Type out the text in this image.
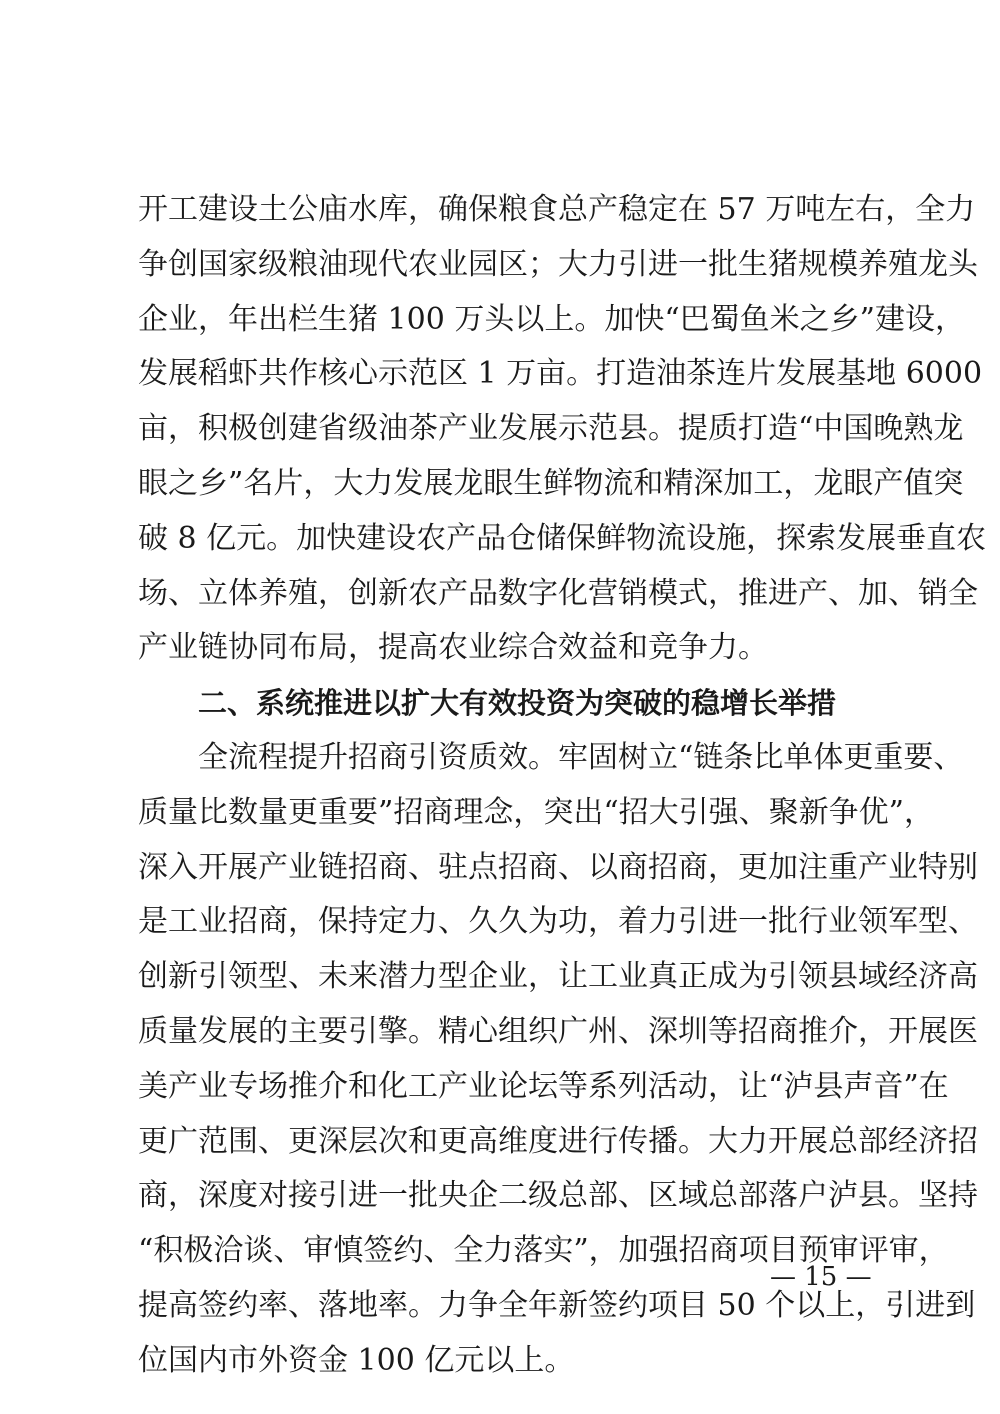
开工建设土公庙水库，确保粮食总产稳定在 57 万吨左右，全力
争创国家级粮油现代农业园区；大力引进一批生猪规模养殖龙头
企业，年出栏生猪 100 万头以上。加快“巴蜀鱼米之乡”建设，
发展稻虾共作核心示范区 1 万亩。打造油茶连片发展基地 6000
亩，积极创建省级油茶产业发展示范县。提质打造“中国晚熟龙
眼之乡”名片，大力发展龙眼生鲜物流和精深加工，龙眼产值突
破 8 亿元。加快建设农产品仓储保鲜物流设施，探索发展垂直农
场、立体养殖，创新农产品数字化营销模式，推进产、加、销全
产业链协同布局，提高农业综合效益和竞争力。
二、系统推进以扩大有效投资为突破的稳增长举措
全流程提升招商引资质效。牢固树立“链条比单体更重要、
质量比数量更重要”招商理念，突出“招大引强、聚新争优”，
深入开展产业链招商、驻点招商、以商招商，更加注重产业特别
是工业招商，保持定力、久久为功，着力引进一批行业领军型、
创新引领型、未来潜力型企业，让工业真正成为引领县域经济高
质量发展的主要引擎。精心组织广州、深圳等招商推介，开展医
美产业专场推介和化工产业论坛等系列活动，让“泸县声音”在
更广范围、更深层次和更高维度进行传播。大力开展总部经济招
商，深度对接引进一批央企二级总部、区域总部落户泸县。坚持
“积极洽谈、审慎签约、全力落实”，加强招商项目预审评审，
提高签约率、落地率。力争全年新签约项目 50 个以上，引进到
位国内市外资金 100 亿元以上。
— 15 —
